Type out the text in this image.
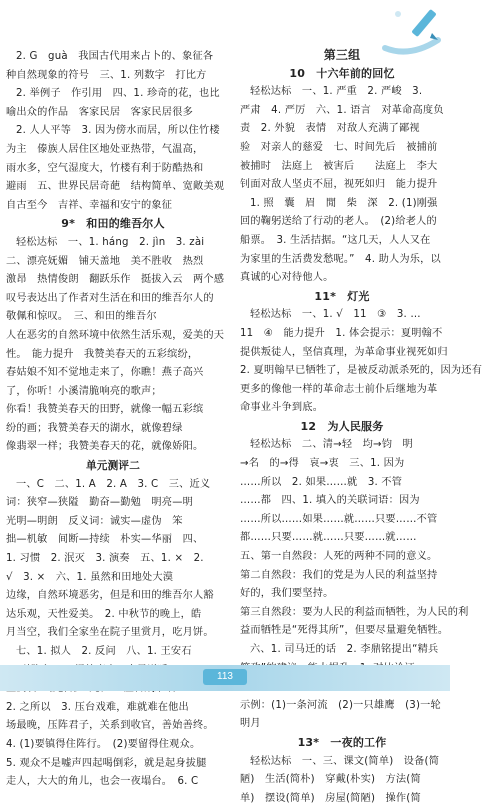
2. G　guà　我国古代用来占卜的、象征各
种自然现象的符号　三、1. 列数字　打比方
2. 举例子　作引用　四、1. 珍奇的花，也比
喻出众的作品　客家民居　客家民居很多
2. 人人平等　3. 因为傍水而居，所以住竹楼
为主　傣族人居住区地处亚热带，气温高，
雨水多，空气湿度大，竹楼有利于防酷热和
避雨　五、世界民居奇葩　结构简单、宽敞美观
自古至今　吉祥、幸福和安宁的象征
9*　和田的维吾尔人
轻松达标　一、1. háng　2. jìn　3. zài
二、漂亮妩媚　铺天盖地　美不胜收　热烈
激昂　热情俊朗　翻跃乐作　挺拔入云　两个感
叹号表达出了作者对生活在和田的维吾尔人的
敬佩和惊叹。　三、和田的维吾尔
人在恶劣的自然环境中依然生活乐观，爱美的天
性。　能力提升　我赞美春天的五彩缤纷，
春姑娘不知不觉地走来了，你瞧！燕子高兴
了，你听！小溪清脆响亮的歌声；
你看！我赞美春天的田野，就像一幅五彩缤
纷的画；我赞美春天的湖水，就像碧绿
像翡翠一样；我赞美春天的花，就像娇阳。
单元测评二
一、C　二、1. A　2. A　3. C　三、近义
词：狭窄—狭隘　勤奋—勤勉　明亮—明
光明—明朗　反义词：诚实—虚伪　笨
拙—机敏　间断—持续　朴实—华丽　四、
1. 习惯　2. 泯灭　3. 演奏　五、1. ×　2.
√　3. ×　六、1. 虽然和田地处大漠
边缘，自然环境恶劣，但是和田的维吾尔人豁
达乐观，天性爱美。　2. 中秋节的晚上，皓
月当空，我们全家坐在院子里赏月，吃月饼。
七、1. 拟人　2. 反问　八、1. 王安石
2. 之所以　3. 压台戏难，难就难在他出
场最晚，压阵君子，关系到收官，善始善终。
4. (1)要镇得住阵行。　(2)要留得住观众。
5. 观众不是嘘声四起喝倒彩，就是起身拔腿
走人，大大的角儿，也会一夜塌台。　6. C
第三组
10　十六年前的回忆
轻松达标　一、1. 严重　2. 严峻　3.
严肃　4. 严厉　六、1. 语言　对革命高度负
责　2. 外貌　表情　对敌人充满了鄙视
验　对亲人的慈爱　七、时间先后　被捕前
被捕时　法庭上　被害后　　法庭上　李大
钊面对敌人坚贞不屈，视死如归　能力提升
1. 照　囊　眉　閒　柴　深　2. (1)刚强
回的鞠躬送给了行动的老人。　(2)给老人的
船票。　3. 生活拮据。“这几天，人人又在
为家里的生活费发愁呢。”　4. 助人为乐，以
真诚的心对待他人。
11*　灯光
轻松达标　一、1. √　11　③　3. …
11　④　能力提升　1. 体会提示：夏明翰不
提供叛徒人，坚信真理，为革命事业视死如归
2. 夏明翰早已牺牲了，是被反动派杀死的，因为还有
更多的像他一样的革命志士前仆后继地为革
命事业斗争到底。
12　为人民服务
轻松达标　二、清→轻　均→钧　明
→名　的→得　哀→衷　三、1. 因为
……所以　2. 如果……就　3. 不管
……都　四、1. 填入的关联词语：因为
……所以……如果……就……只要……不管
都……只要……就……只要……就……
五、第一自然段：人死的两种不同的意义。
第二自然段：我们的党是为人民的利益坚持
好的，我们要坚持。
第三自然段：要为人民的利益而牺牲，为人民的利
益而牺牲是“死得其所”，但要尽量避免牺牲。
六、1. 司马迁的话　2. 李鼎铭提出“精兵
示例：(1)一条河流　(2)一只雄鹰　(3)一轮
明月
13*　一夜的工作
轻松达标　一、三、课文(简单)　设备(简
陋)　生活(简朴)　穿戴(朴实)　方法(简
单)　摆设(简单)　房屋(简陋)　操作(简
113
